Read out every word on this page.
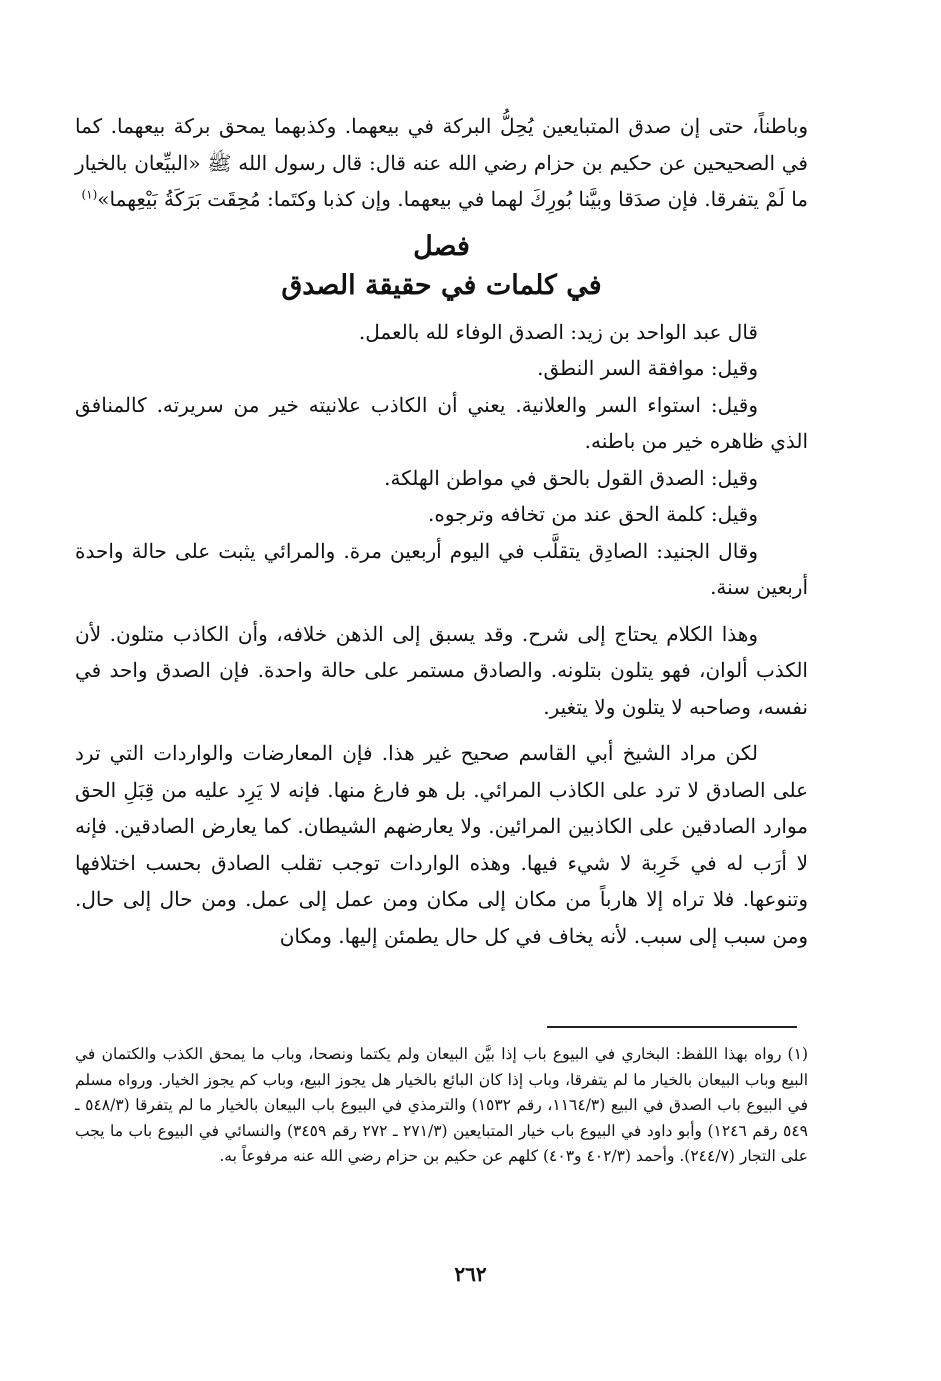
وباطناً، حتى إن صدق المتبايعين يُحِلُّ البركة في بيعهما. وكذبهما يمحق بركة بيعهما. كما في الصحيحين عن حكيم بن حزام رضي الله عنه قال: قال رسول الله ﷺ «البيِّعان بالخيار ما لَمْ يتفرقا. فإن صدَقا وبيَّنا بُورِكَ لهما في بيعهما. وإن كذبا وكتَما: مُحِقَت بَرَكَةُ بَيْعِهما»$^{(١)}$

فصل
في كلمات في حقيقة الصدق

قال عبد الواحد بن زيد: الصدق الوفاء لله بالعمل.

وقيل: موافقة السر النطق.

وقيل: استواء السر والعلانية. يعني أن الكاذب علانيته خير من سريرته. كالمنافق الذي ظاهره خير من باطنه.

وقيل: الصدق القول بالحق في مواطن الهلكة.

وقيل: كلمة الحق عند من تخافه وترجوه.

وقال الجنيد: الصادِق يتقلَّب في اليوم أربعين مرة. والمرائي يثبت على حالة واحدة أربعين سنة.

وهذا الكلام يحتاج إلى شرح. وقد يسبق إلى الذهن خلافه، وأن الكاذب متلون. لأن الكذب ألوان، فهو يتلون بتلونه. والصادق مستمر على حالة واحدة. فإن الصدق واحد في نفسه، وصاحبه لا يتلون ولا يتغير.

لكن مراد الشيخ أبي القاسم صحيح غير هذا. فإن المعارضات والواردات التي ترد على الصادق لا ترد على الكاذب المرائي. بل هو فارغ منها. فإنه لا يَرِد عليه من قِبَلِ الحق موارد الصادقين على الكاذبين المرائين. ولا يعارضهم الشيطان. كما يعارض الصادقين. فإنه لا أرَب له في خَرِبة لا شيء فيها. وهذه الواردات توجب تقلب الصادق بحسب اختلافها وتنوعها. فلا تراه إلا هارباً من مكان إلى مكان ومن عمل إلى عمل. ومن حال إلى حال. ومن سبب إلى سبب. لأنه يخاف في كل حال يطمئن إليها. ومكان

(١)رواه بهذا اللفظ: البخاري في البيوع باب إذا بيَّن البيعان ولم يكتما ونصحا، وباب ما يمحق الكذب والكتمان في البيع وباب البيعان بالخيار ما لم يتفرقا، وباب إذا كان البائع بالخيار هل يجوز البيع، وباب كم يجوز الخيار. ورواه مسلم في البيوع باب الصدق في البيع (١١٦٤/٣، رقم ١٥٣٢) والترمذي في البيوع باب البيعان بالخيار ما لم يتفرقا (٥٤٨/٣ ـ ٥٤٩ رقم ١٢٤٦) وأبو داود في البيوع باب خيار المتبايعين (٢٧١/٣ ـ ٢٧٢ رقم ٣٤٥٩) والنسائي في البيوع باب ما يجب على التجار (٢٤٤/٧). وأحمد (٤٠٢/٣ و٤٠٣) كلهم عن حكيم بن حزام رضي الله عنه مرفوعاً به.

٢٦٢
